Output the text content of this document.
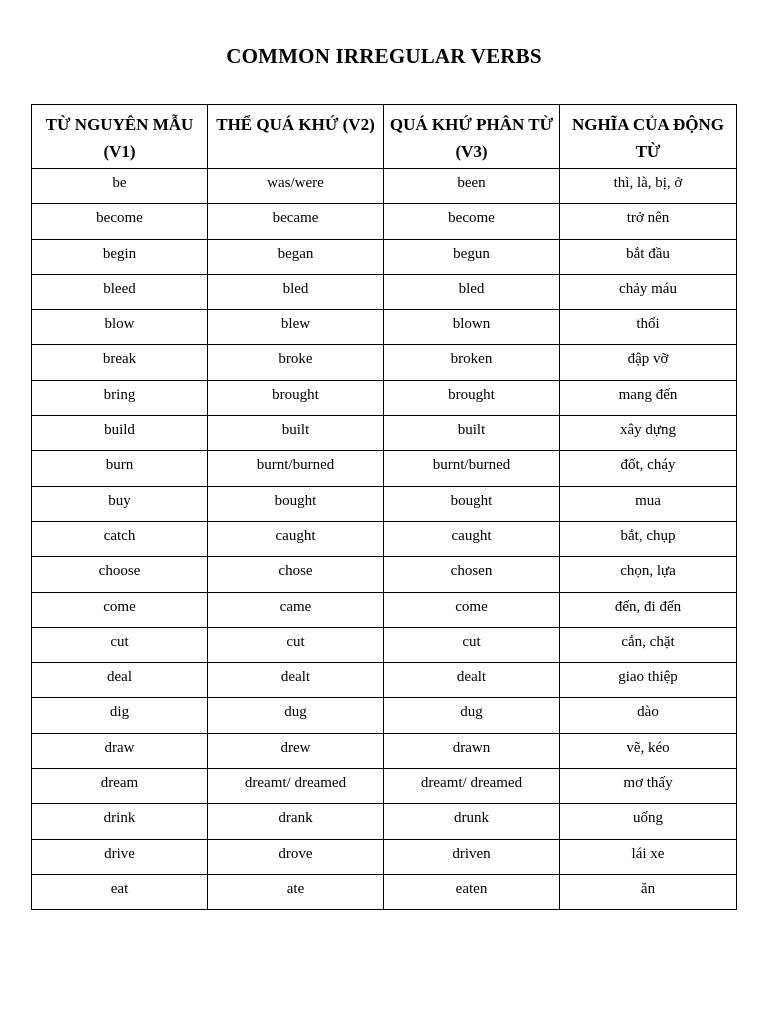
COMMON IRREGULAR VERBS
TỪ NGUYÊN MẪU (V1)	THỂ QUÁ KHỨ (V2)	QUÁ KHỨ PHÂN TỪ (V3)	NGHĨA CỦA ĐỘNG TỪ
be	was/were	been	thì, là, bị, ở
become	became	become	trở nên
begin	began	begun	bắt đầu
bleed	bled	bled	chảy máu
blow	blew	blown	thổi
break	broke	broken	đập vỡ
bring	brought	brought	mang đến
build	built	built	xây dựng
burn	burnt/burned	burnt/burned	đốt, cháy
buy	bought	bought	mua
catch	caught	caught	bắt, chụp
choose	chose	chosen	chọn, lựa
come	came	come	đến, đi đến
cut	cut	cut	cắn, chặt
deal	dealt	dealt	giao thiệp
dig	dug	dug	dào
draw	drew	drawn	vẽ, kéo
dream	dreamt/ dreamed	dreamt/ dreamed	mơ thấy
drink	drank	drunk	uống
drive	drove	driven	lái xe
eat	ate	eaten	ăn
